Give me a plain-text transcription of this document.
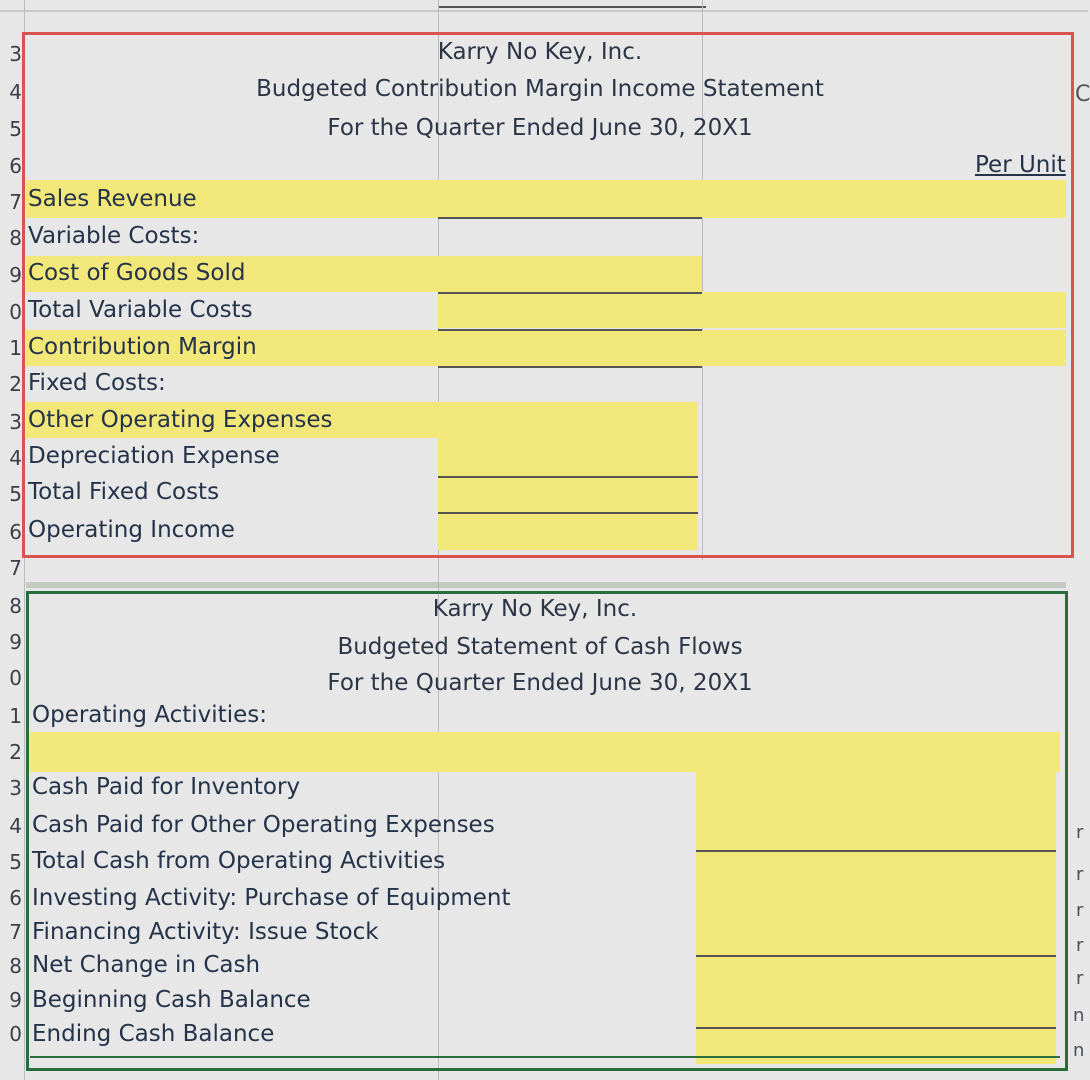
3
4
5
6
Karry No Key, Inc.
Budgeted Contribution Margin Income Statement
For the Quarter Ended June 30, 20X1
Per Unit
C
7 Sales Revenue
8 Variable Costs:
9 Cost of Goods Sold
0 Total Variable Costs
1 Contribution Margin
2 Fixed Costs:
3 Other Operating Expenses
4 Depreciation Expense
5 Total Fixed Costs
6 Operating Income
7
8
9
0
Karry No Key, Inc.
Budgeted Statement of Cash Flows
For the Quarter Ended June 30, 20X1
1 Operating Activities:
2
3 Cash Paid for Inventory
4 Cash Paid for Other Operating Expenses
5 Total Cash from Operating Activities
6 Investing Activity: Purchase of Equipment
7 Financing Activity: Issue Stock
8 Net Change in Cash
9 Beginning Cash Balance
0 Ending Cash Balance
r
r
r
r
r
n
n
